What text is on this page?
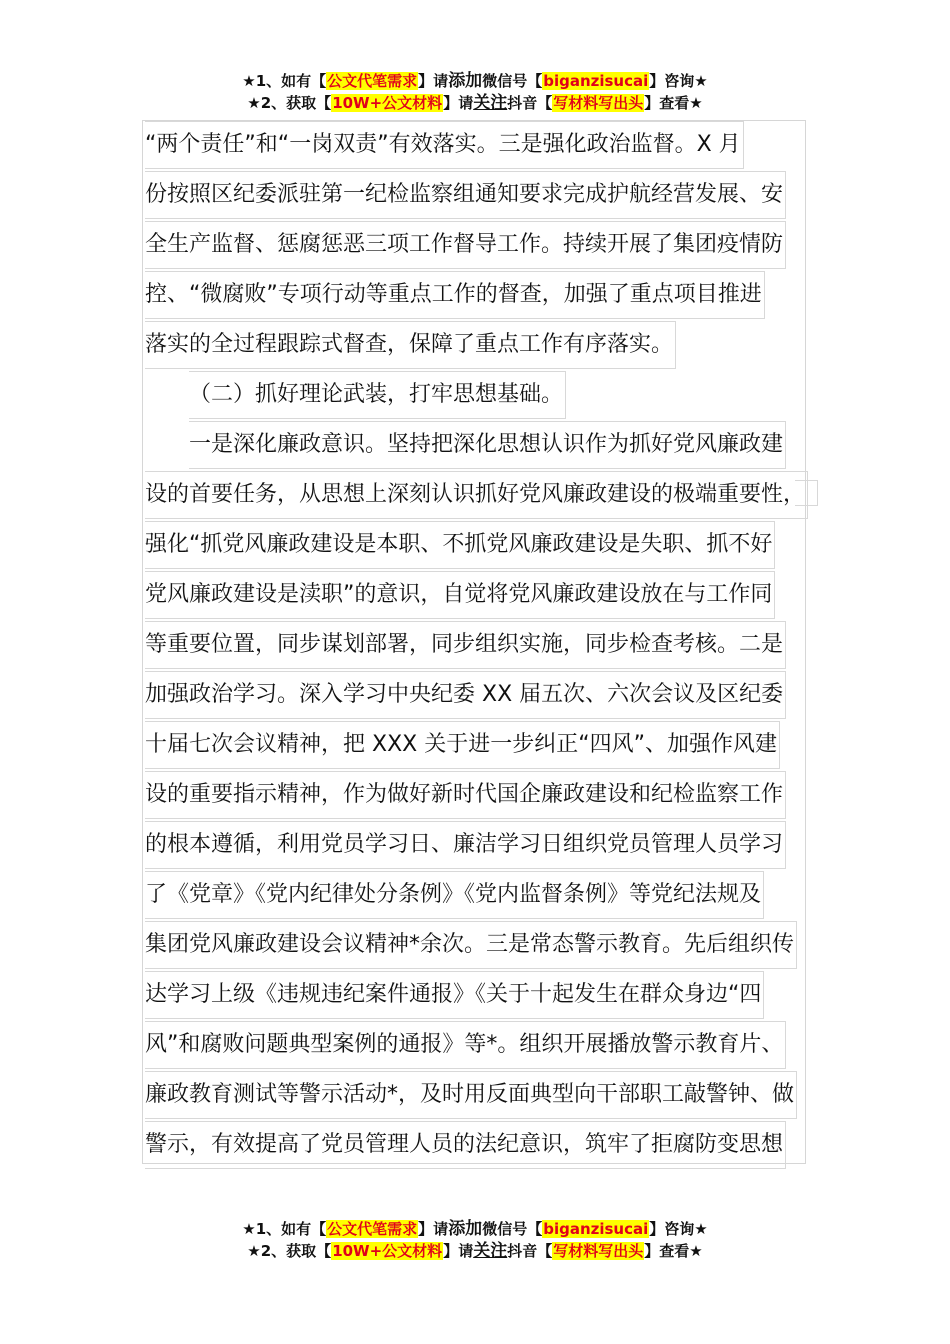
★1、如有【公文代笔需求】请添加微信号【biganzisucai】咨询★
★2、获取【10W+公文材料】请关注抖音【写材料写出头】查看★
“两个责任”和“一岗双责”有效落实。三是强化政治监督。X 月
份按照区纪委派驻第一纪检监察组通知要求完成护航经营发展、安
全生产监督、惩腐惩恶三项工作督导工作。持续开展了集团疫情防
控、“微腐败”专项行动等重点工作的督查，加强了重点项目推进
落实的全过程跟踪式督查，保障了重点工作有序落实。
（二）抓好理论武装，打牢思想基础。
一是深化廉政意识。坚持把深化思想认识作为抓好党风廉政建
设的首要任务，从思想上深刻认识抓好党风廉政建设的极端重要性，
强化“抓党风廉政建设是本职、不抓党风廉政建设是失职、抓不好
党风廉政建设是渎职”的意识，自觉将党风廉政建设放在与工作同
等重要位置，同步谋划部署，同步组织实施，同步检查考核。二是
加强政治学习。深入学习中央纪委 XX 届五次、六次会议及区纪委
十届七次会议精神，把 XXX 关于进一步纠正“四风”、加强作风建
设的重要指示精神，作为做好新时代国企廉政建设和纪检监察工作
的根本遵循，利用党员学习日、廉洁学习日组织党员管理人员学习
了《党章》《党内纪律处分条例》《党内监督条例》等党纪法规及
集团党风廉政建设会议精神*余次。三是常态警示教育。先后组织传
达学习上级《违规违纪案件通报》《关于十起发生在群众身边“四
风”和腐败问题典型案例的通报》等*。组织开展播放警示教育片、
廉政教育测试等警示活动*，及时用反面典型向干部职工敲警钟、做
警示，有效提高了党员管理人员的法纪意识，筑牢了拒腐防变思想
★1、如有【公文代笔需求】请添加微信号【biganzisucai】咨询★
★2、获取【10W+公文材料】请关注抖音【写材料写出头】查看★
